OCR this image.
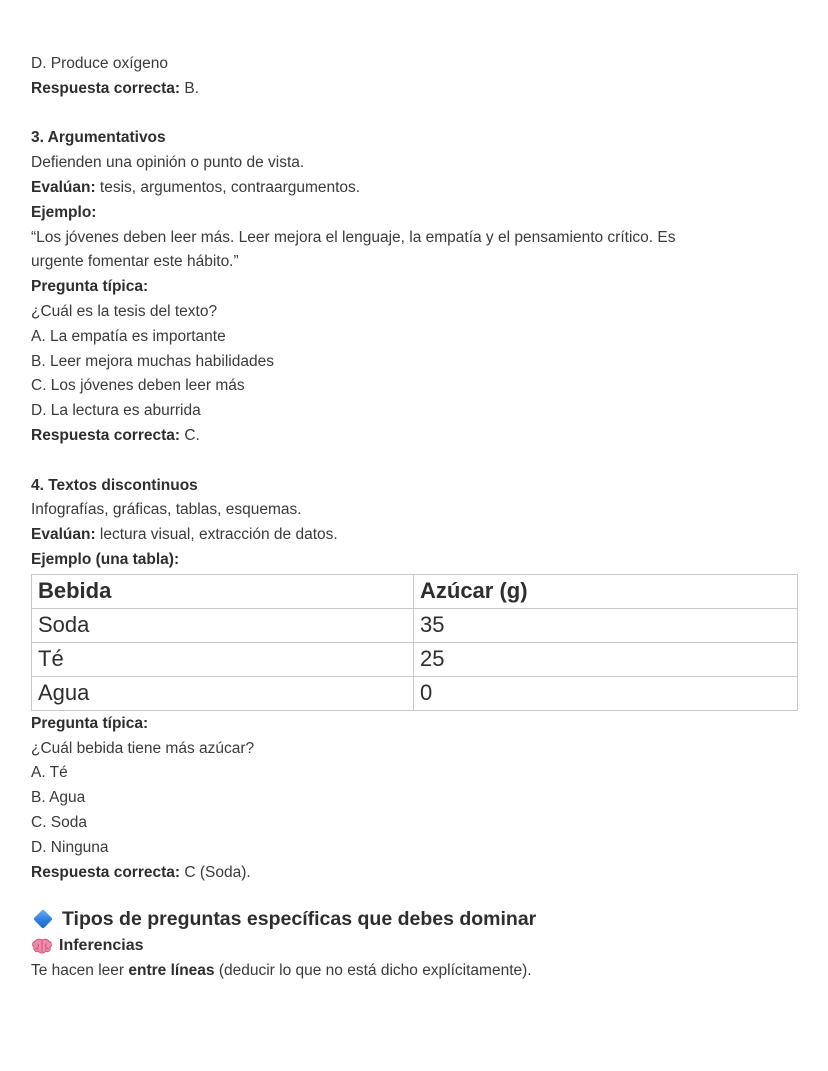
D. Produce oxígeno
Respuesta correcta: B.
3. Argumentativos
Defienden una opinión o punto de vista.
Evalúan: tesis, argumentos, contraargumentos.
Ejemplo:
“Los jóvenes deben leer más. Leer mejora el lenguaje, la empatía y el pensamiento crítico. Es
urgente fomentar este hábito.”
Pregunta típica:
¿Cuál es la tesis del texto?
A. La empatía es importante
B. Leer mejora muchas habilidades
C. Los jóvenes deben leer más
D. La lectura es aburrida
Respuesta correcta: C.
4. Textos discontinuos
Infografías, gráficas, tablas, esquemas.
Evalúan: lectura visual, extracción de datos.
Ejemplo (una tabla):
Bebida	Azúcar (g)
Soda	35
Té	25
Agua	0
Pregunta típica:
¿Cuál bebida tiene más azúcar?
A. Té
B. Agua
C. Soda
D. Ninguna
Respuesta correcta: C (Soda).
Tipos de preguntas específicas que debes dominar
Inferencias
Te hacen leer entre líneas (deducir lo que no está dicho explícitamente).
